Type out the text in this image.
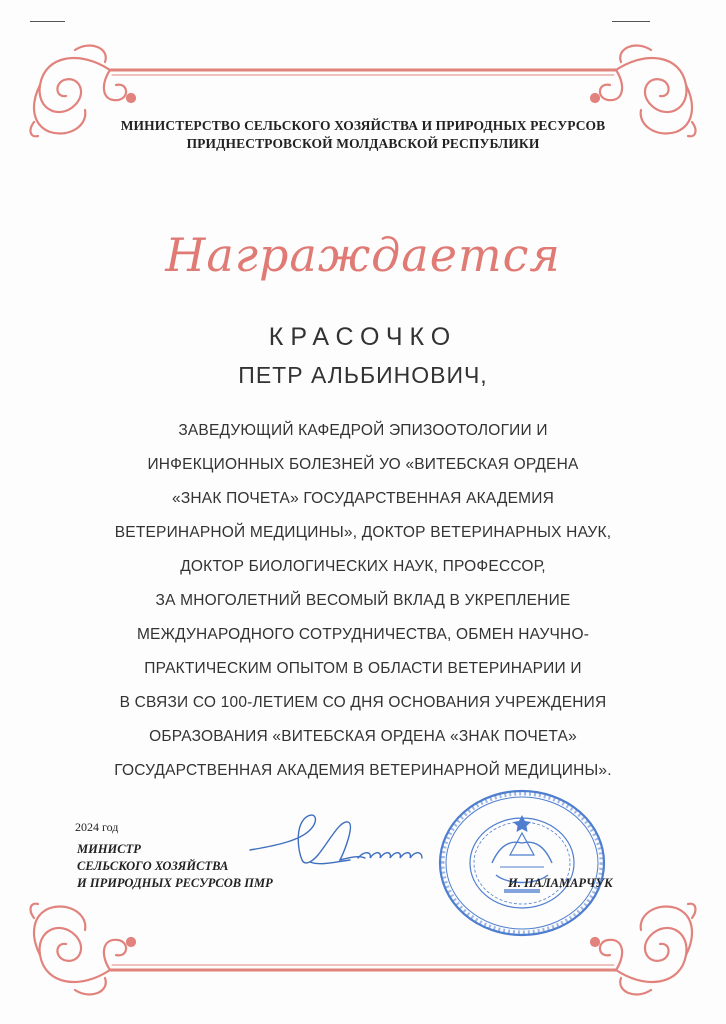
МИНИСТЕРСТВО СЕЛЬСКОГО ХОЗЯЙСТВА И ПРИРОДНЫХ РЕСУРСОВ
ПРИДНЕСТРОВСКОЙ МОЛДАВСКОЙ РЕСПУБЛИКИ
Награждается
КРАСОЧКО
ПЕТР АЛЬБИНОВИЧ,
ЗАВЕДУЮЩИЙ КАФЕДРОЙ ЭПИЗООТОЛОГИИ И
ИНФЕКЦИОННЫХ БОЛЕЗНЕЙ УО «ВИТЕБСКАЯ ОРДЕНА
«ЗНАК ПОЧЕТА» ГОСУДАРСТВЕННАЯ АКАДЕМИЯ
ВЕТЕРИНАРНОЙ МЕДИЦИНЫ», ДОКТОР ВЕТЕРИНАРНЫХ НАУК,
ДОКТОР БИОЛОГИЧЕСКИХ НАУК, ПРОФЕССОР,
ЗА МНОГОЛЕТНИЙ ВЕСОМЫЙ ВКЛАД В УКРЕПЛЕНИЕ
МЕЖДУНАРОДНОГО СОТРУДНИЧЕСТВА, ОБМЕН НАУЧНО-
ПРАКТИЧЕСКИМ ОПЫТОМ В ОБЛАСТИ ВЕТЕРИНАРИИ И
В СВЯЗИ СО 100-ЛЕТИЕМ СО ДНЯ ОСНОВАНИЯ УЧРЕЖДЕНИЯ
ОБРАЗОВАНИЯ «ВИТЕБСКАЯ ОРДЕНА «ЗНАК ПОЧЕТА»
ГОСУДАРСТВЕННАЯ АКАДЕМИЯ ВЕТЕРИНАРНОЙ МЕДИЦИНЫ».
2024 год
МИНИСТР
СЕЛЬСКОГО ХОЗЯЙСТВА
И ПРИРОДНЫХ РЕСУРСОВ ПМР	И. ПАЛАМАРЧУК
